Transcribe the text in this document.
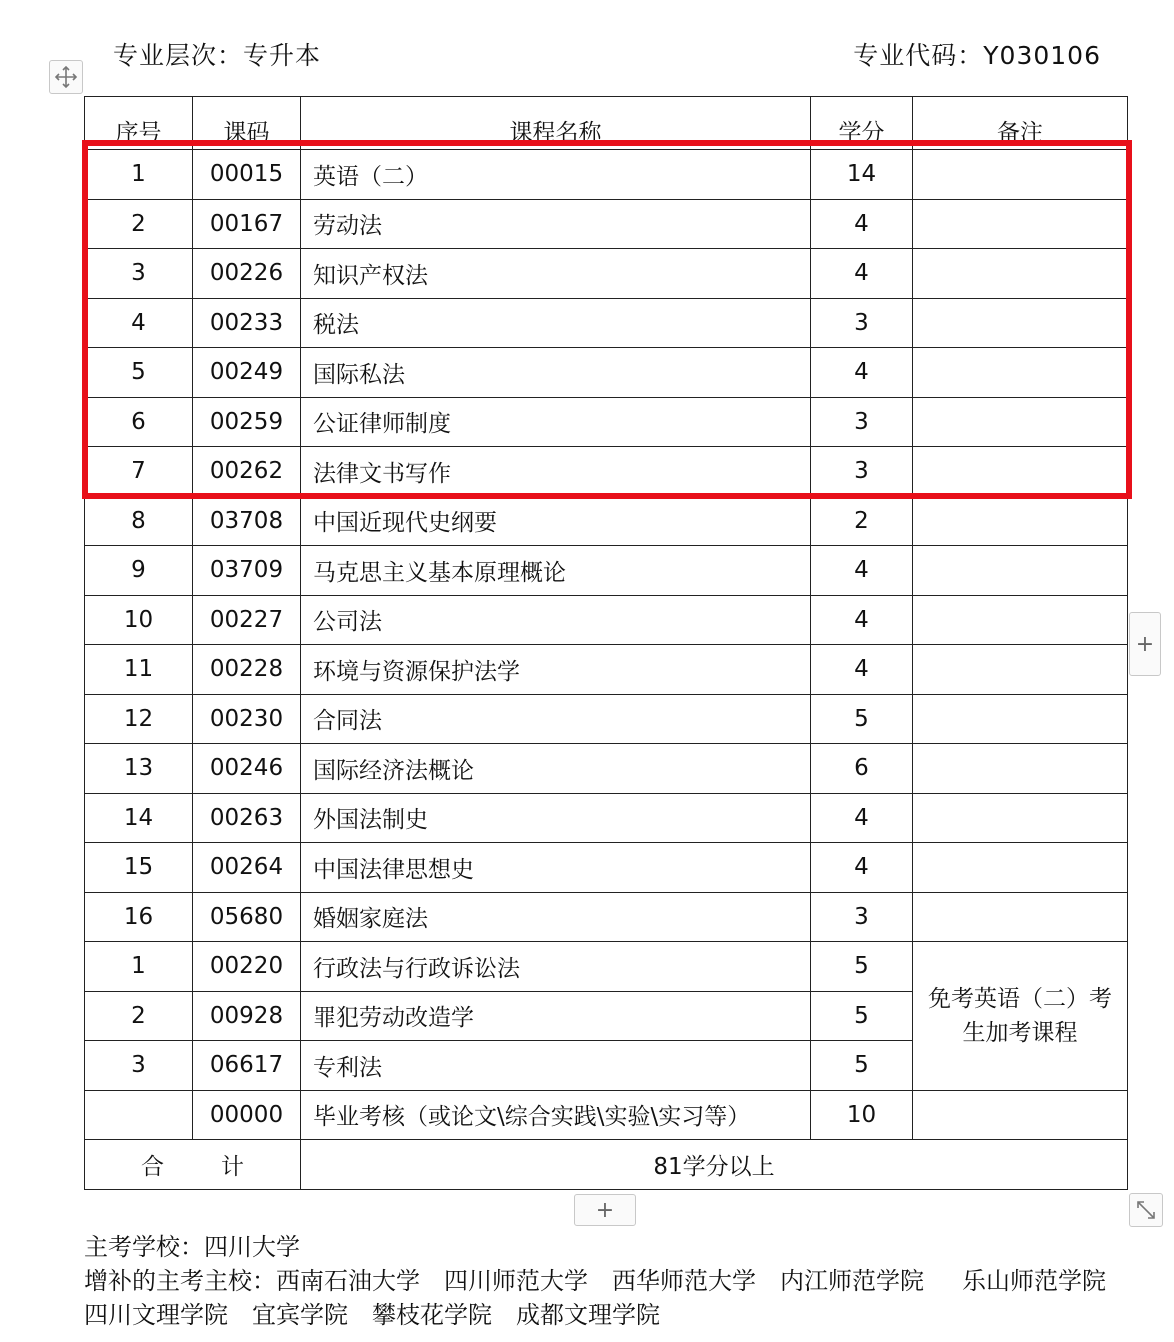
专业层次：专升本	专业代码：Y030106
序号	课码	课程名称	学分	备注
1	00015	英语（二）	14	
2	00167	劳动法	4	
3	00226	知识产权法	4	
4	00233	税法	3	
5	00249	国际私法	4	
6	00259	公证律师制度	3	
7	00262	法律文书写作	3	
8	03708	中国近现代史纲要	2	
9	03709	马克思主义基本原理概论	4	
10	00227	公司法	4	
11	00228	环境与资源保护法学	4	
12	00230	合同法	5	
13	00246	国际经济法概论	6	
14	00263	外国法制史	4	
15	00264	中国法律思想史	4	
16	05680	婚姻家庭法	3	
1	00220	行政法与行政诉讼法	5	免考英语（二）考生加考课程
2	00928	罪犯劳动改造学	5	
3	06617	专利法	5	
	00000	毕业考核（或论文\综合实践\实验\实习等）	10	
合 计		81学分以上		
+
+
主考学校：四川大学
增补的主考主校：西南石油大学 四川师范大学 西华师范大学 内江师范学院 乐山师范学院
四川文理学院 宜宾学院 攀枝花学院 成都文理学院
